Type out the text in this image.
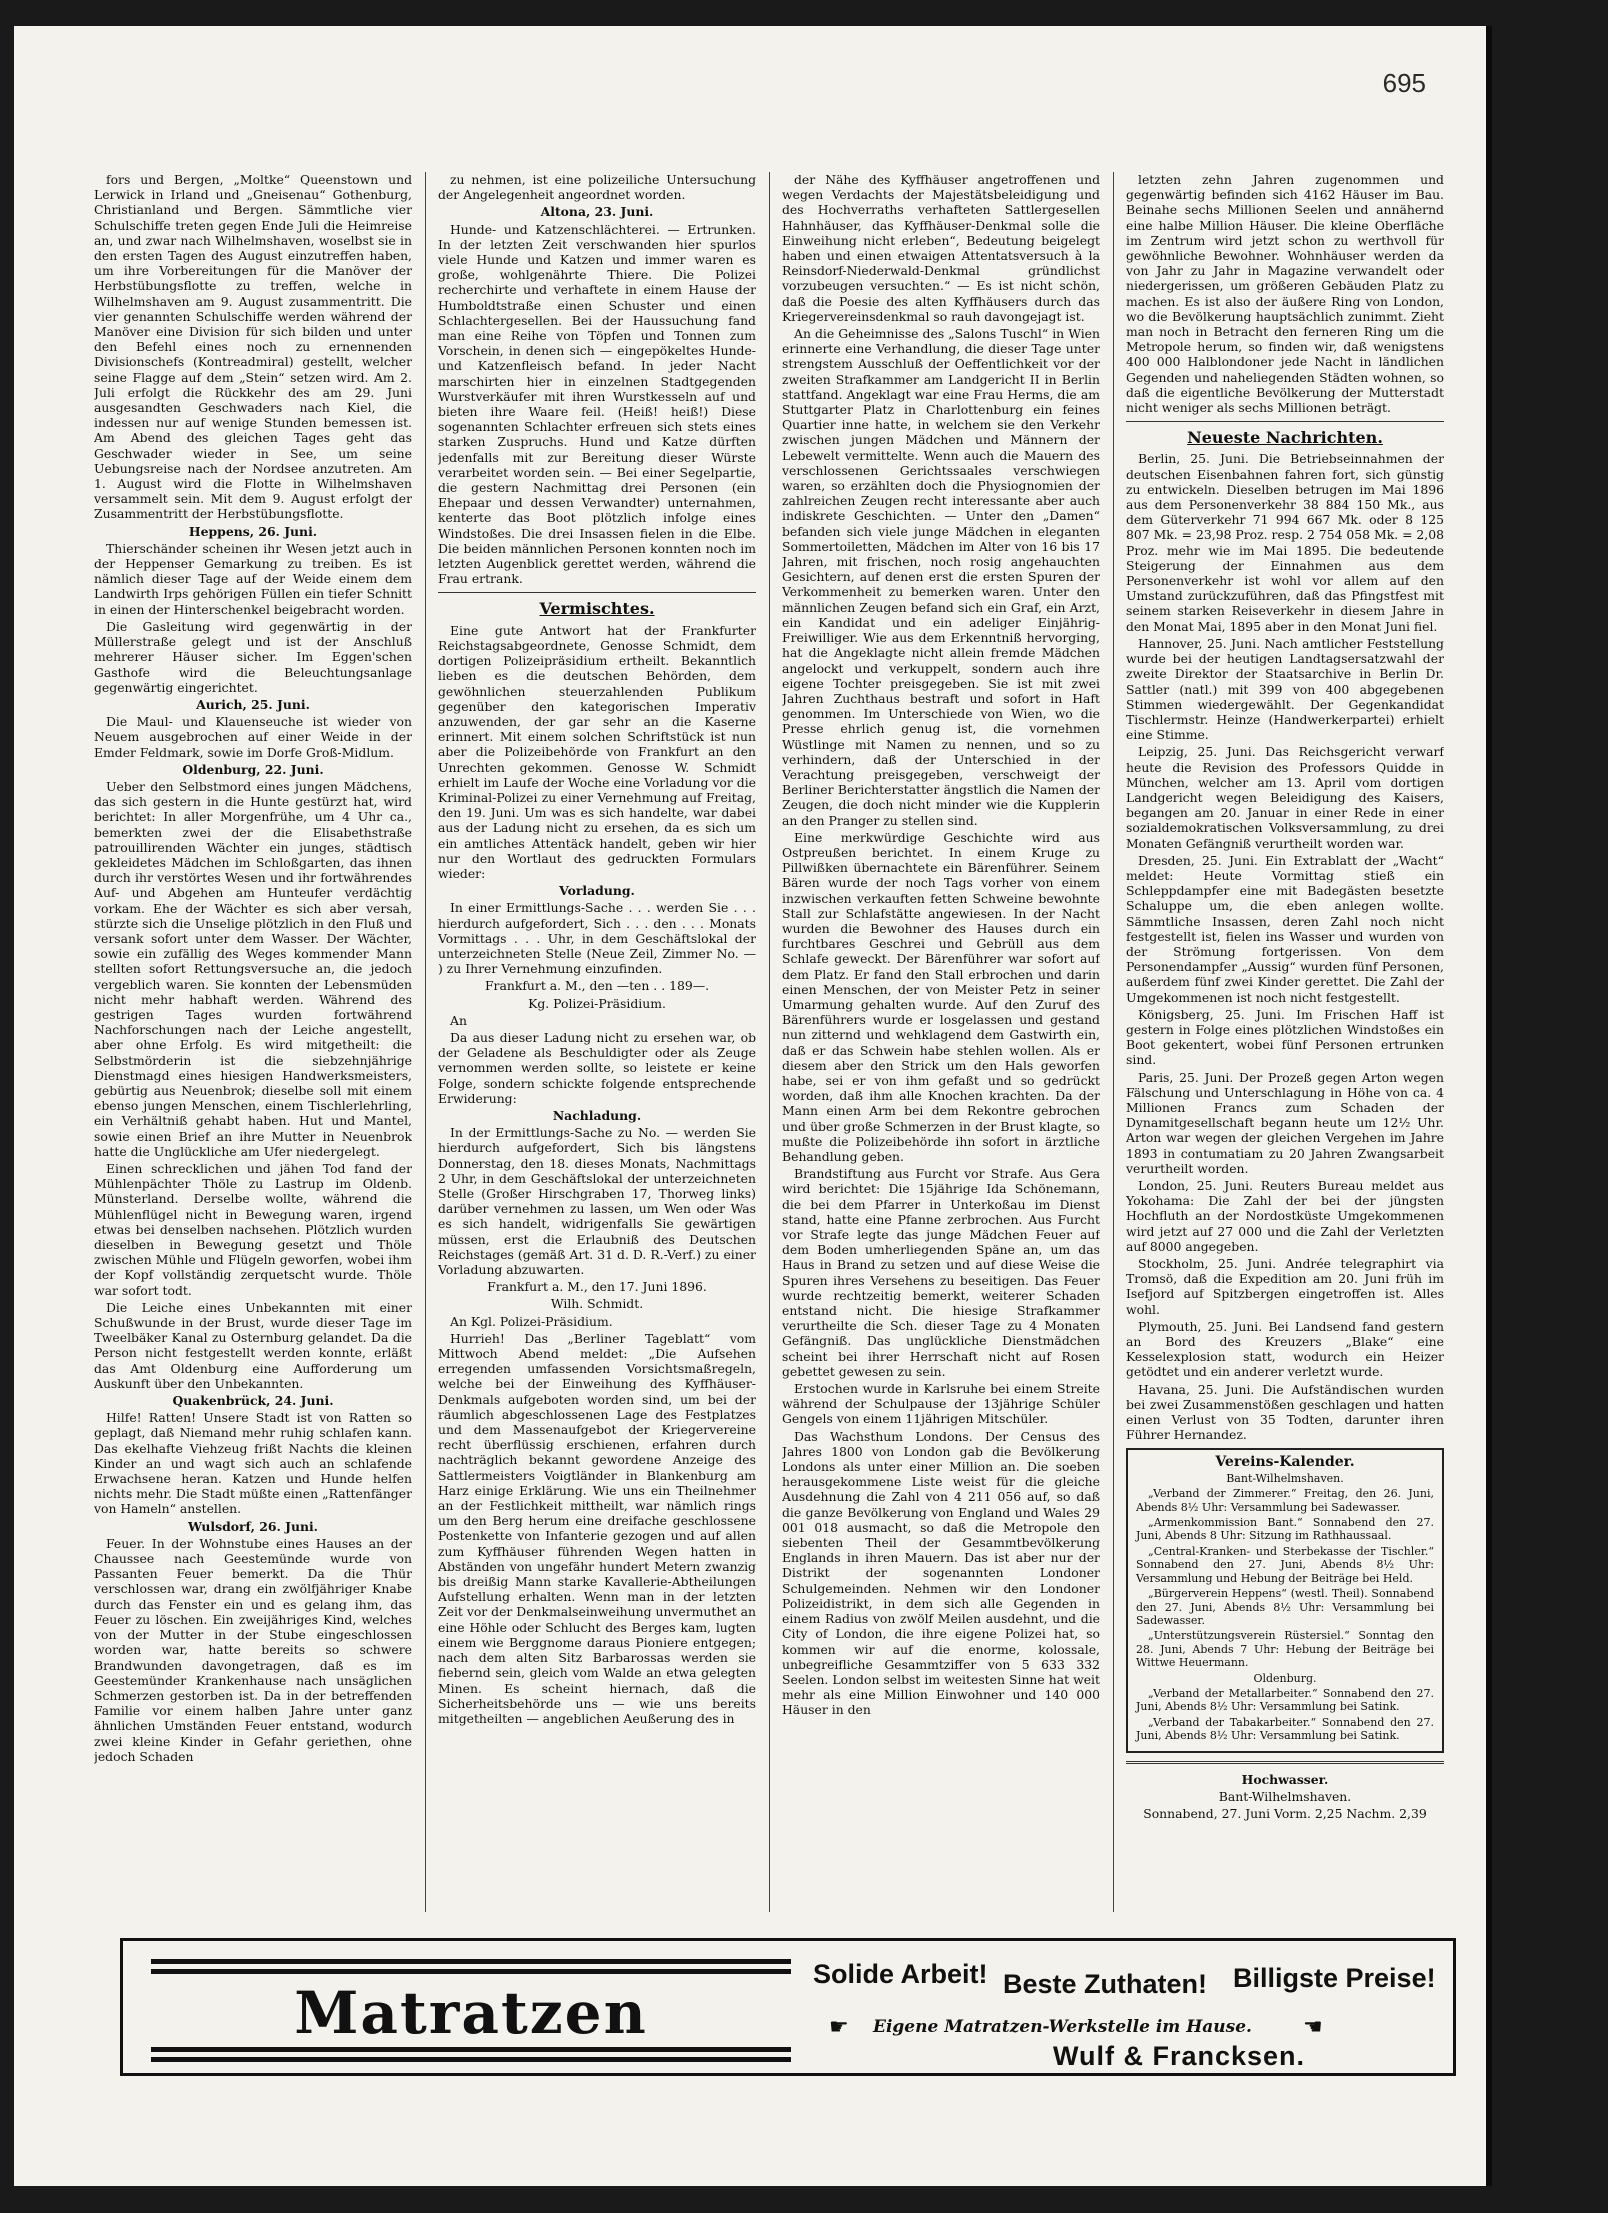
695

fors und Bergen, „Moltke“ Queenstown und Lerwick in Irland und „Gneisenau“ Gothenburg, Christianland und Bergen. Sämmtliche vier Schulschiffe treten gegen Ende Juli die Heimreise an, und zwar nach Wilhelmshaven, woselbst sie in den ersten Tagen des August einzutreffen haben, um ihre Vorbereitungen für die Manöver der Herbstübungsflotte zu treffen, welche in Wilhelmshaven am 9. August zusammentritt. Die vier genannten Schulschiffe werden während der Manöver eine Division für sich bilden und unter den Befehl eines noch zu ernennenden Divisionschefs (Kontreadmiral) gestellt, welcher seine Flagge auf dem „Stein“ setzen wird. Am 2. Juli erfolgt die Rückkehr des am 29. Juni ausgesandten Geschwaders nach Kiel, die indessen nur auf wenige Stunden bemessen ist. Am Abend des gleichen Tages geht das Geschwader wieder in See, um seine Uebungsreise nach der Nordsee anzutreten. Am 1. August wird die Flotte in Wilhelmshaven versammelt sein. Mit dem 9. August erfolgt der Zusammentritt der Herbstübungsflotte.

Heppens, 26. Juni.

Thierschänder scheinen ihr Wesen jetzt auch in der Heppenser Gemarkung zu treiben. Es ist nämlich dieser Tage auf der Weide einem dem Landwirth Irps gehörigen Füllen ein tiefer Schnitt in einen der Hinterschenkel beigebracht worden.

Die Gasleitung wird gegenwärtig in der Müllerstraße gelegt und ist der Anschluß mehrerer Häuser sicher. Im Eggen'schen Gasthofe wird die Beleuchtungsanlage gegenwärtig eingerichtet.

Aurich, 25. Juni.

Die Maul- und Klauenseuche ist wieder von Neuem ausgebrochen auf einer Weide in der Emder Feldmark, sowie im Dorfe Groß-Midlum.

Oldenburg, 22. Juni.

Ueber den Selbstmord eines jungen Mädchens, das sich gestern in die Hunte gestürzt hat, wird berichtet: In aller Morgenfrühe, um 4 Uhr ca., bemerkten zwei der die Elisabethstraße patrouillirenden Wächter ein junges, städtisch gekleidetes Mädchen im Schloßgarten, das ihnen durch ihr verstörtes Wesen und ihr fortwährendes Auf- und Abgehen am Hunteufer verdächtig vorkam. Ehe der Wächter es sich aber versah, stürzte sich die Unselige plötzlich in den Fluß und versank sofort unter dem Wasser. Der Wächter, sowie ein zufällig des Weges kommender Mann stellten sofort Rettungsversuche an, die jedoch vergeblich waren. Sie konnten der Lebensmüden nicht mehr habhaft werden. Während des gestrigen Tages wurden fortwährend Nachforschungen nach der Leiche angestellt, aber ohne Erfolg. Es wird mitgetheilt: die Selbstmörderin ist die siebzehnjährige Dienstmagd eines hiesigen Handwerksmeisters, gebürtig aus Neuenbrok; dieselbe soll mit einem ebenso jungen Menschen, einem Tischlerlehrling, ein Verhältniß gehabt haben. Hut und Mantel, sowie einen Brief an ihre Mutter in Neuenbrok hatte die Unglückliche am Ufer niedergelegt.

Einen schrecklichen und jähen Tod fand der Mühlenpächter Thöle zu Lastrup im Oldenb. Münsterland. Derselbe wollte, während die Mühlenflügel nicht in Bewegung waren, irgend etwas bei denselben nachsehen. Plötzlich wurden dieselben in Bewegung gesetzt und Thöle zwischen Mühle und Flügeln geworfen, wobei ihm der Kopf vollständig zerquetscht wurde. Thöle war sofort todt.

Die Leiche eines Unbekannten mit einer Schußwunde in der Brust, wurde dieser Tage im Tweelbäker Kanal zu Osternburg gelandet. Da die Person nicht festgestellt werden konnte, erläßt das Amt Oldenburg eine Aufforderung um Auskunft über den Unbekannten.

Quakenbrück, 24. Juni.

Hilfe! Ratten! Unsere Stadt ist von Ratten so geplagt, daß Niemand mehr ruhig schlafen kann. Das ekelhafte Viehzeug frißt Nachts die kleinen Kinder an und wagt sich auch an schlafende Erwachsene heran. Katzen und Hunde helfen nichts mehr. Die Stadt müßte einen „Rattenfänger von Hameln“ anstellen.

Wulsdorf, 26. Juni.

Feuer. In der Wohnstube eines Hauses an der Chaussee nach Geestemünde wurde von Passanten Feuer bemerkt. Da die Thür verschlossen war, drang ein zwölfjähriger Knabe durch das Fenster ein und es gelang ihm, das Feuer zu löschen. Ein zweijähriges Kind, welches von der Mutter in der Stube eingeschlossen worden war, hatte bereits so schwere Brandwunden davongetragen, daß es im Geestemünder Krankenhause nach unsäglichen Schmerzen gestorben ist. Da in der betreffenden Familie vor einem halben Jahre unter ganz ähnlichen Umständen Feuer entstand, wodurch zwei kleine Kinder in Gefahr geriethen, ohne jedoch Schaden

zu nehmen, ist eine polizeiliche Untersuchung der Angelegenheit angeordnet worden.

Altona, 23. Juni.

Hunde- und Katzenschlächterei. — Ertrunken. In der letzten Zeit verschwanden hier spurlos viele Hunde und Katzen und immer waren es große, wohlgenährte Thiere. Die Polizei recherchirte und verhaftete in einem Hause der Humboldtstraße einen Schuster und einen Schlachtergesellen. Bei der Haussuchung fand man eine Reihe von Töpfen und Tonnen zum Vorschein, in denen sich — eingepökeltes Hunde- und Katzenfleisch befand. In jeder Nacht marschirten hier in einzelnen Stadtgegenden Wurstverkäufer mit ihren Wurstkesseln auf und bieten ihre Waare feil. (Heiß! heiß!) Diese sogenannten Schlachter erfreuen sich stets eines starken Zuspruchs. Hund und Katze dürften jedenfalls mit zur Bereitung dieser Würste verarbeitet worden sein. — Bei einer Segelpartie, die gestern Nachmittag drei Personen (ein Ehepaar und dessen Verwandter) unternahmen, kenterte das Boot plötzlich infolge eines Windstoßes. Die drei Insassen fielen in die Elbe. Die beiden männlichen Personen konnten noch im letzten Augenblick gerettet werden, während die Frau ertrank.

Vermischtes.

Eine gute Antwort hat der Frankfurter Reichstagsabgeordnete, Genosse Schmidt, dem dortigen Polizeipräsidium ertheilt. Bekanntlich lieben es die deutschen Behörden, dem gewöhnlichen steuerzahlenden Publikum gegenüber den kategorischen Imperativ anzuwenden, der gar sehr an die Kaserne erinnert. Mit einem solchen Schriftstück ist nun aber die Polizeibehörde von Frankfurt an den Unrechten gekommen. Genosse W. Schmidt erhielt im Laufe der Woche eine Vorladung vor die Kriminal-Polizei zu einer Vernehmung auf Freitag, den 19. Juni. Um was es sich handelte, war dabei aus der Ladung nicht zu ersehen, da es sich um ein amtliches Attentäck handelt, geben wir hier nur den Wortlaut des gedruckten Formulars wieder:

Vorladung.

In einer Ermittlungs-Sache . . . werden Sie . . . hierdurch aufgefordert, Sich . . . den . . . Monats Vormittags . . . Uhr, in dem Geschäftslokal der unterzeichneten Stelle (Neue Zeil, Zimmer No. — ) zu Ihrer Vernehmung einzufinden.

Frankfurt a. M., den —ten . . 189—.

Kg. Polizei-Präsidium.

An

Da aus dieser Ladung nicht zu ersehen war, ob der Geladene als Beschuldigter oder als Zeuge vernommen werden sollte, so leistete er keine Folge, sondern schickte folgende entsprechende Erwiderung:

Nachladung.

In der Ermittlungs-Sache zu No. — werden Sie hierdurch aufgefordert, Sich bis längstens Donnerstag, den 18. dieses Monats, Nachmittags 2 Uhr, in dem Geschäftslokal der unterzeichneten Stelle (Großer Hirschgraben 17, Thorweg links) darüber vernehmen zu lassen, um Wen oder Was es sich handelt, widrigenfalls Sie gewärtigen müssen, erst die Erlaubniß des Deutschen Reichstages (gemäß Art. 31 d. D. R.-Verf.) zu einer Vorladung abzuwarten.

Frankfurt a. M., den 17. Juni 1896.

Wilh. Schmidt.

An Kgl. Polizei-Präsidium.

Hurrieh! Das „Berliner Tageblatt“ vom Mittwoch Abend meldet: „Die Aufsehen erregenden umfassenden Vorsichtsmaßregeln, welche bei der Einweihung des Kyffhäuser-Denkmals aufgeboten worden sind, um bei der räumlich abgeschlossenen Lage des Festplatzes und dem Massenaufgebot der Kriegervereine recht überflüssig erschienen, erfahren durch nachträglich bekannt gewordene Anzeige des Sattlermeisters Voigtländer in Blankenburg am Harz einige Erklärung. Wie uns ein Theilnehmer an der Festlichkeit mittheilt, war nämlich rings um den Berg herum eine dreifache geschlossene Postenkette von Infanterie gezogen und auf allen zum Kyffhäuser führenden Wegen hatten in Abständen von ungefähr hundert Metern zwanzig bis dreißig Mann starke Kavallerie-Abtheilungen Aufstellung erhalten. Wenn man in der letzten Zeit vor der Denkmalseinweihung unvermuthet an eine Höhle oder Schlucht des Berges kam, lugten einem wie Berggnome daraus Pioniere entgegen; nach dem alten Sitz Barbarossas werden sie fiebernd sein, gleich vom Walde an etwa gelegten Minen. Es scheint hiernach, daß die Sicherheitsbehörde uns — wie uns bereits mitgetheilten — angeblichen Aeußerung des in

der Nähe des Kyffhäuser angetroffenen und wegen Verdachts der Majestätsbeleidigung und des Hochverraths verhafteten Sattlergesellen Hahnhäuser, das Kyffhäuser-Denkmal solle die Einweihung nicht erleben“, Bedeutung beigelegt haben und einen etwaigen Attentatsversuch à la Reinsdorf-Niederwald-Denkmal gründlichst vorzubeugen versuchten.“ — Es ist nicht schön, daß die Poesie des alten Kyffhäusers durch das Kriegervereinsdenkmal so rauh davongejagt ist.

An die Geheimnisse des „Salons Tuschl“ in Wien erinnerte eine Verhandlung, die dieser Tage unter strengstem Ausschluß der Oeffentlichkeit vor der zweiten Strafkammer am Landgericht II in Berlin stattfand. Angeklagt war eine Frau Herms, die am Stuttgarter Platz in Charlottenburg ein feines Quartier inne hatte, in welchem sie den Verkehr zwischen jungen Mädchen und Männern der Lebewelt vermittelte. Wenn auch die Mauern des verschlossenen Gerichtssaales verschwiegen waren, so erzählten doch die Physiognomien der zahlreichen Zeugen recht interessante aber auch indiskrete Geschichten. — Unter den „Damen“ befanden sich viele junge Mädchen in eleganten Sommertoiletten, Mädchen im Alter von 16 bis 17 Jahren, mit frischen, noch rosig angehauchten Gesichtern, auf denen erst die ersten Spuren der Verkommenheit zu bemerken waren. Unter den männlichen Zeugen befand sich ein Graf, ein Arzt, ein Kandidat und ein adeliger Einjährig-Freiwilliger. Wie aus dem Erkenntniß hervorging, hat die Angeklagte nicht allein fremde Mädchen angelockt und verkuppelt, sondern auch ihre eigene Tochter preisgegeben. Sie ist mit zwei Jahren Zuchthaus bestraft und sofort in Haft genommen. Im Unterschiede von Wien, wo die Presse ehrlich genug ist, die vornehmen Wüstlinge mit Namen zu nennen, und so zu verhindern, daß der Unterschied in der Verachtung preisgegeben, verschweigt der Berliner Berichterstatter ängstlich die Namen der Zeugen, die doch nicht minder wie die Kupplerin an den Pranger zu stellen sind.

Eine merkwürdige Geschichte wird aus Ostpreußen berichtet. In einem Kruge zu Pillwißken übernachtete ein Bärenführer. Seinem Bären wurde der noch Tags vorher von einem inzwischen verkauften fetten Schweine bewohnte Stall zur Schlafstätte angewiesen. In der Nacht wurden die Bewohner des Hauses durch ein furchtbares Geschrei und Gebrüll aus dem Schlafe geweckt. Der Bärenführer war sofort auf dem Platz. Er fand den Stall erbrochen und darin einen Menschen, der von Meister Petz in seiner Umarmung gehalten wurde. Auf den Zuruf des Bärenführers wurde er losgelassen und gestand nun zitternd und wehklagend dem Gastwirth ein, daß er das Schwein habe stehlen wollen. Als er diesem aber den Strick um den Hals geworfen habe, sei er von ihm gefaßt und so gedrückt worden, daß ihm alle Knochen krachten. Da der Mann einen Arm bei dem Rekontre gebrochen und über große Schmerzen in der Brust klagte, so mußte die Polizeibehörde ihn sofort in ärztliche Behandlung geben.

Brandstiftung aus Furcht vor Strafe. Aus Gera wird berichtet: Die 15jährige Ida Schönemann, die bei dem Pfarrer in Unterkoßau im Dienst stand, hatte eine Pfanne zerbrochen. Aus Furcht vor Strafe legte das junge Mädchen Feuer auf dem Boden umherliegenden Späne an, um das Haus in Brand zu setzen und auf diese Weise die Spuren ihres Versehens zu beseitigen. Das Feuer wurde rechtzeitig bemerkt, weiterer Schaden entstand nicht. Die hiesige Strafkammer verurtheilte die Sch. dieser Tage zu 4 Monaten Gefängniß. Das unglückliche Dienstmädchen scheint bei ihrer Herrschaft nicht auf Rosen gebettet gewesen zu sein.

Erstochen wurde in Karlsruhe bei einem Streite während der Schulpause der 13jährige Schüler Gengels von einem 11jährigen Mitschüler.

Das Wachsthum Londons. Der Census des Jahres 1800 von London gab die Bevölkerung Londons als unter einer Million an. Die soeben herausgekommene Liste weist für die gleiche Ausdehnung die Zahl von 4 211 056 auf, so daß die ganze Bevölkerung von England und Wales 29 001 018 ausmacht, so daß die Metropole den siebenten Theil der Gesammtbevölkerung Englands in ihren Mauern. Das ist aber nur der Distrikt der sogenannten Londoner Schulgemeinden. Nehmen wir den Londoner Polizeidistrikt, in dem sich alle Gegenden in einem Radius von zwölf Meilen ausdehnt, und die City of London, die ihre eigene Polizei hat, so kommen wir auf die enorme, kolossale, unbegreifliche Gesammtziffer von 5 633 332 Seelen. London selbst im weitesten Sinne hat weit mehr als eine Million Einwohner und 140 000 Häuser in den

letzten zehn Jahren zugenommen und gegenwärtig befinden sich 4162 Häuser im Bau. Beinahe sechs Millionen Seelen und annähernd eine halbe Million Häuser. Die kleine Oberfläche im Zentrum wird jetzt schon zu werthvoll für gewöhnliche Bewohner. Wohnhäuser werden da von Jahr zu Jahr in Magazine verwandelt oder niedergerissen, um größeren Gebäuden Platz zu machen. Es ist also der äußere Ring von London, wo die Bevölkerung hauptsächlich zunimmt. Zieht man noch in Betracht den ferneren Ring um die Metropole herum, so finden wir, daß wenigstens 400 000 Halblondoner jede Nacht in ländlichen Gegenden und naheliegenden Städten wohnen, so daß die eigentliche Bevölkerung der Mutterstadt nicht weniger als sechs Millionen beträgt.

Neueste Nachrichten.

Berlin, 25. Juni. Die Betriebseinnahmen der deutschen Eisenbahnen fahren fort, sich günstig zu entwickeln. Dieselben betrugen im Mai 1896 aus dem Personenverkehr 38 884 150 Mk., aus dem Güterverkehr 71 994 667 Mk. oder 8 125 807 Mk. = 23,98 Proz. resp. 2 754 058 Mk. = 2,08 Proz. mehr wie im Mai 1895. Die bedeutende Steigerung der Einnahmen aus dem Personenverkehr ist wohl vor allem auf den Umstand zurückzuführen, daß das Pfingstfest mit seinem starken Reiseverkehr in diesem Jahre in den Monat Mai, 1895 aber in den Monat Juni fiel.

Hannover, 25. Juni. Nach amtlicher Feststellung wurde bei der heutigen Landtagsersatzwahl der zweite Direktor der Staatsarchive in Berlin Dr. Sattler (natl.) mit 399 von 400 abgegebenen Stimmen wiedergewählt. Der Gegenkandidat Tischlermstr. Heinze (Handwerkerpartei) erhielt eine Stimme.

Leipzig, 25. Juni. Das Reichsgericht verwarf heute die Revision des Professors Quidde in München, welcher am 13. April vom dortigen Landgericht wegen Beleidigung des Kaisers, begangen am 20. Januar in einer Rede in einer sozialdemokratischen Volksversammlung, zu drei Monaten Gefängniß verurtheilt worden war.

Dresden, 25. Juni. Ein Extrablatt der „Wacht“ meldet: Heute Vormittag stieß ein Schleppdampfer eine mit Badegästen besetzte Schaluppe um, die eben anlegen wollte. Sämmtliche Insassen, deren Zahl noch nicht festgestellt ist, fielen ins Wasser und wurden von der Strömung fortgerissen. Von dem Personendampfer „Aussig“ wurden fünf Personen, außerdem fünf zwei Kinder gerettet. Die Zahl der Umgekommenen ist noch nicht festgestellt.

Königsberg, 25. Juni. Im Frischen Haff ist gestern in Folge eines plötzlichen Windstoßes ein Boot gekentert, wobei fünf Personen ertrunken sind.

Paris, 25. Juni. Der Prozeß gegen Arton wegen Fälschung und Unterschlagung in Höhe von ca. 4 Millionen Francs zum Schaden der Dynamitgesellschaft begann heute um 12½ Uhr. Arton war wegen der gleichen Vergehen im Jahre 1893 in contumatiam zu 20 Jahren Zwangsarbeit verurtheilt worden.

London, 25. Juni. Reuters Bureau meldet aus Yokohama: Die Zahl der bei der jüngsten Hochfluth an der Nordostküste Umgekommenen wird jetzt auf 27 000 und die Zahl der Verletzten auf 8000 angegeben.

Stockholm, 25. Juni. Andrée telegraphirt via Tromsö, daß die Expedition am 20. Juni früh im Isefjord auf Spitzbergen eingetroffen ist. Alles wohl.

Plymouth, 25. Juni. Bei Landsend fand gestern an Bord des Kreuzers „Blake“ eine Kesselexplosion statt, wodurch ein Heizer getödtet und ein anderer verletzt wurde.

Havana, 25. Juni. Die Aufständischen wurden bei zwei Zusammenstößen geschlagen und hatten einen Verlust von 35 Todten, darunter ihren Führer Hernandez.

Vereins-Kalender.

Bant-Wilhelmshaven.

„Verband der Zimmerer.“ Freitag, den 26. Juni, Abends 8½ Uhr: Versammlung bei Sadewasser.

„Armenkommission Bant.“ Sonnabend den 27. Juni, Abends 8 Uhr: Sitzung im Rathhaussaal.

„Central-Kranken- und Sterbekasse der Tischler.“ Sonnabend den 27. Juni, Abends 8½ Uhr: Versammlung und Hebung der Beiträge bei Held.

„Bürgerverein Heppens“ (westl. Theil). Sonnabend den 27. Juni, Abends 8½ Uhr: Versammlung bei Sadewasser.

„Unterstützungsverein Rüstersiel.“ Sonntag den 28. Juni, Abends 7 Uhr: Hebung der Beiträge bei Wittwe Heuermann.

Oldenburg.

„Verband der Metallarbeiter.“ Sonnabend den 27. Juni, Abends 8½ Uhr: Versammlung bei Satink.

„Verband der Tabakarbeiter.“ Sonnabend den 27. Juni, Abends 8½ Uhr: Versammlung bei Satink.

Hochwasser.

Bant-Wilhelmshaven.

Sonnabend, 27. Juni Vorm. 2,25 Nachm. 2,39

Matratzen
Solide Arbeit! Beste Zuthaten! Billigste Preise!
☛ Eigene Matratzen-Werkstelle im Hause. ☛
Wulf & Francksen.
